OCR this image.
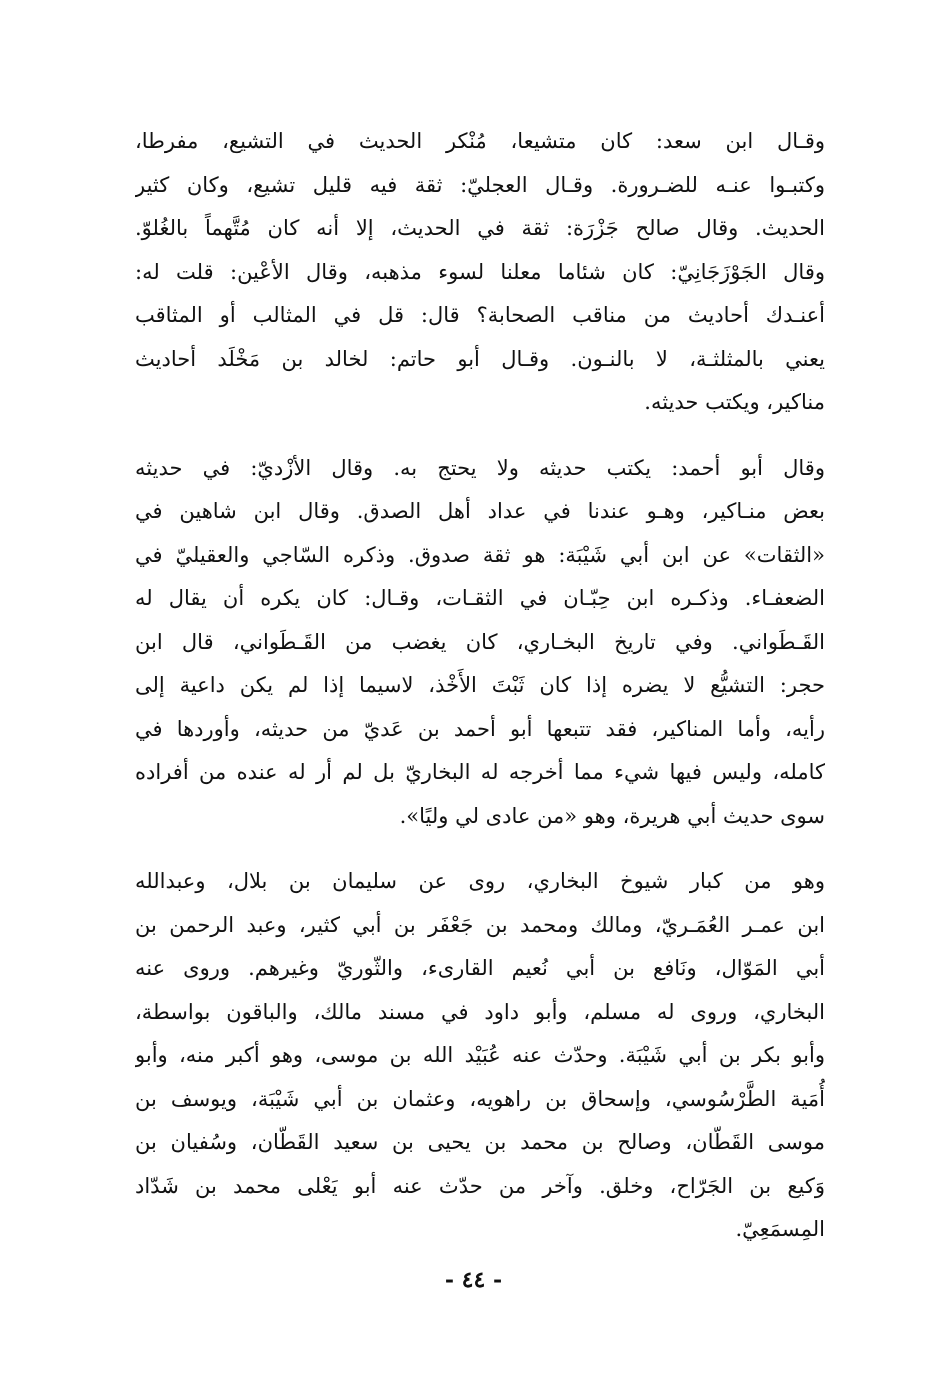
وقـال ابن سعد: كان متشيعا، مُنْكر الحديث في التشيع، مفرطا،
وكتبـوا عنـه للضـرورة. وقـال العجليّ: ثقة فيه قليل تشيع، وكان كثير
الحديث. وقال صالح جَزْرَة: ثقة في الحديث، إلا أنه كان مُتَّهماً بالغُلوّ.
وقال الجَوْزَجَانِيّ: كان شئاما معلنا لسوء مذهبه، وقال الأعْين: قلت له:
أعنـدك أحاديث من مناقب الصحابة؟ قال: قل في المثالب أو المثاقب
يعني بالمثلثـة، لا بالنـون. وقـال أبو حاتم: لخالد بن مَخْلَد أحاديث
مناكير، ويكتب حديثه.

وقال أبو أحمد: يكتب حديثه ولا يحتج به. وقال الأزْديّ: في حديثه
بعض منـاكير، وهـو عندنا في عداد أهل الصدق. وقال ابن شاهين في
«الثقات» عن ابن أبي شَيْبَة: هو ثقة صدوق. وذكره السّاجي والعقيليّ في
الضعفـاء. وذكـره ابن حِبّـان في الثقـات، وقـال: كان يكره أن يقال له
القَـطَواني. وفي تاريخ البخـاري، كان يغضب من القَـطَواني، قال ابن
حجر: التشيُّع لا يضره إذا كان ثَبْتَ الأَخْذ، لاسيما إذا لم يكن داعية إلى
رأيه، وأما المناكير، فقد تتبعها أبو أحمد بن عَديّ من حديثه، وأوردها في
كامله، وليس فيها شيء مما أخرجه له البخاريّ بل لم أر له عنده من أفراده
سوى حديث أبي هريرة، وهو «من عادى لي وليًا».

وهو من كبار شيوخ البخاري، روى عن سليمان بن بلال، وعبدالله
ابن عمـر العُمَـريّ، ومالك ومحمد بن جَعْفَر بن أبي كثير، وعبد الرحمن بن
أبي المَوّال، ونَافع بن أبي نُعيم القارىء، والثّوريّ وغيرهم. وروى عنه
البخاري، وروى له مسلم، وأبو داود في مسند مالك، والباقون بواسطة،
وأبو بكر بن أبي شَيْبَة. وحدّث عنه عُبَيْد الله بن موسى، وهو أكبر منه، وأبو
أُمَية الطَّرْسُوسي، وإسحاق بن راهويه، وعثمان بن أبي شَيْبَة، ويوسف بن
موسى القَطّان، وصالح بن محمد بن يحيى بن سعيد القَطّان، وسُفيان بن
وَكيع بن الجَرّاح، وخلق. وآخر من حدّث عنه أبو يَعْلى محمد بن شَدّاد
المِسمَعِيّ.

- ٤٤ -
